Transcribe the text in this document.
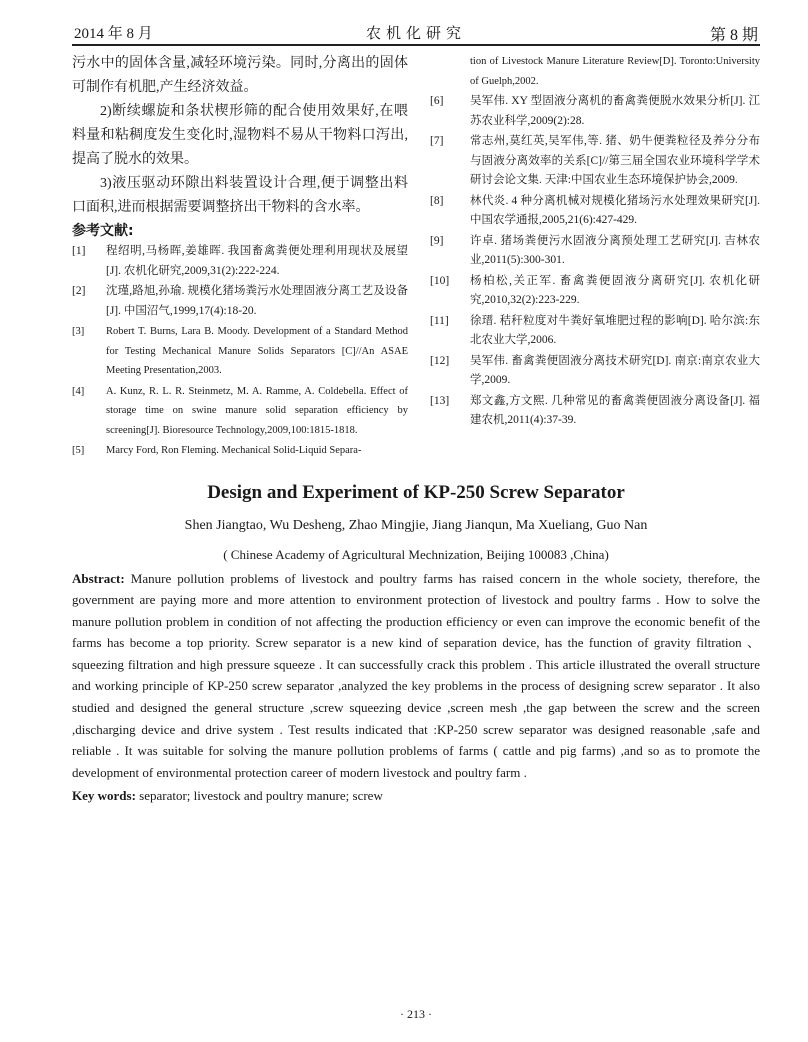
2014 年 8 月	农机化研究	第 8 期

污水中的固体含量,减轻环境污染。同时,分离出的固体可制作有机肥,产生经济效益。

2)断续螺旋和条状楔形筛的配合使用效果好,在喂料量和粘稠度发生变化时,湿物料不易从干物料口泻出,提高了脱水的效果。

3)液压驱动环隙出料装置设计合理,便于调整出料口面积,进而根据需要调整挤出干物料的含水率。

参考文献:

[1] 程绍明,马杨晖,姜雄晖. 我国畜禽粪便处理利用现状及展望[J]. 农机化研究,2009,31(2):222-224.
[2] 沈瑾,路旭,孙瑜. 规模化猪场粪污水处理固液分离工艺及设备[J]. 中国沼气,1999,17(4):18-20.
[3] Robert T. Burns, Lara B. Moody. Development of a Standard Method for Testing Mechanical Manure Solids Separators [C]//An ASAE Meeting Presentation,2003.
[4] A. Kunz, R. L. R. Steinmetz, M. A. Ramme, A. Coldebella. Effect of storage time on swine manure solid separation efficiency by screening[J]. Bioresource Technology,2009,100:1815-1818.
[5] Marcy Ford, Ron Fleming. Mechanical Solid-Liquid Separa-
tion of Livestock Manure Literature Review[D]. Toronto:University of Guelph,2002.
[6] 吴军伟. XY 型固液分离机的畜禽粪便脱水效果分析[J]. 江苏农业科学,2009(2):28.
[7] 常志州,莫红英,吴军伟,等. 猪、奶牛便粪粒径及养分分布与固液分离效率的关系[C]//第三届全国农业环境科学学术研讨会论文集. 天津:中国农业生态环境保护协会,2009.
[8] 林代炎. 4 种分离机械对规模化猪场污水处理效果研究[J]. 中国农学通报,2005,21(6):427-429.
[9] 许卓. 猪场粪便污水固液分离预处理工艺研究[J]. 吉林农业,2011(5):300-301.
[10] 杨柏松,关正军. 畜禽粪便固液分离研究[J]. 农机化研究,2010,32(2):223-229.
[11] 徐瑨. 秸秆粒度对牛粪好氧堆肥过程的影响[D]. 哈尔滨:东北农业大学,2006.
[12] 吴军伟. 畜禽粪便固液分离技术研究[D]. 南京:南京农业大学,2009.
[13] 郑文鑫,方文熙. 几种常见的畜禽粪便固液分离设备[J]. 福建农机,2011(4):37-39.
Design and Experiment of KP-250 Screw Separator
Shen Jiangtao, Wu Desheng, Zhao Mingjie, Jiang Jianqun, Ma Xueliang, Guo Nan
( Chinese Academy of Agricultural Mechnization, Beijing 100083 ,China)

Abstract: Manure pollution problems of livestock and poultry farms has raised concern in the whole society, therefore, the government are paying more and more attention to environment protection of livestock and poultry farms . How to solve the manure pollution problem in condition of not affecting the production efficiency or even can improve the economic benefit of the farms has become a top priority. Screw separator is a new kind of separation device, has the function of gravity filtration 、squeezing filtration and high pressure squeeze . It can successfully crack this problem . This article illustrated the overall structure and working principle of KP-250 screw separator ,analyzed the key problems in the process of designing screw separator . It also studied and designed the general structure ,screw squeezing device ,screen mesh ,the gap between the screw and the screen ,discharging device and drive system . Test results indicated that :KP-250 screw separator was designed reasonable ,safe and reliable . It was suitable for solving the manure pollution problems of farms ( cattle and pig farms) ,and so as to promote the development of environmental protection career of modern livestock and poultry farm .

Key words: separator; livestock and poultry manure; screw
· 213 ·
